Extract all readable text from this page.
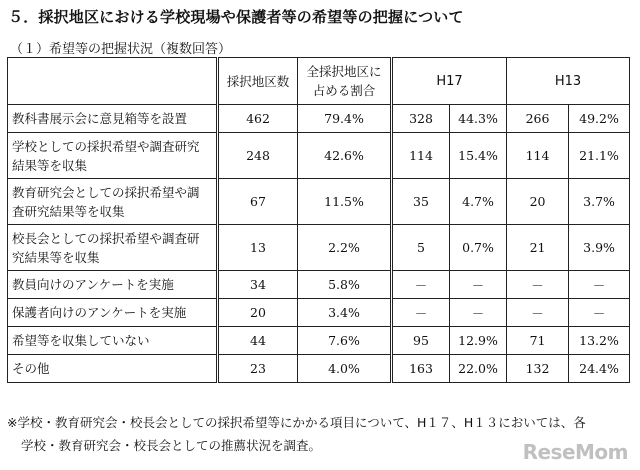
５．採択地区における学校現場や保護者等の希望等の把握について
（１）希望等の把握状況（複数回答）
	採択地区数	全採択地区に
占める割合	H17		H13	

教科書展示会に意見箱等を設置	462	79.4%	328	44.3%	266	49.2%

学校としての採択希望や調査研究
結果等を収集	248	42.6%	114	15.4%	114	21.1%

教育研究会としての採択希望や調
査研究結果等を収集	67	11.5%	35	4.7%	20	3.7%

校長会としての採択希望や調査研
究結果等を収集	13	2.2%	5	0.7%	21	3.9%

教員向けのアンケートを実施	34	5.8%	－	－	－	－

保護者向けのアンケートを実施	20	3.4%	－	－	－	－

希望等を収集していない	44	7.6%	95	12.9%	71	13.2%

その他	23	4.0%	163	22.0%	132	24.4%
※学校・教育研究会・校長会としての採択希望等にかかる項目について、H１７、H１３においては、各
学校・教育研究会・校長会としての推薦状況を調査。	ReseMom
